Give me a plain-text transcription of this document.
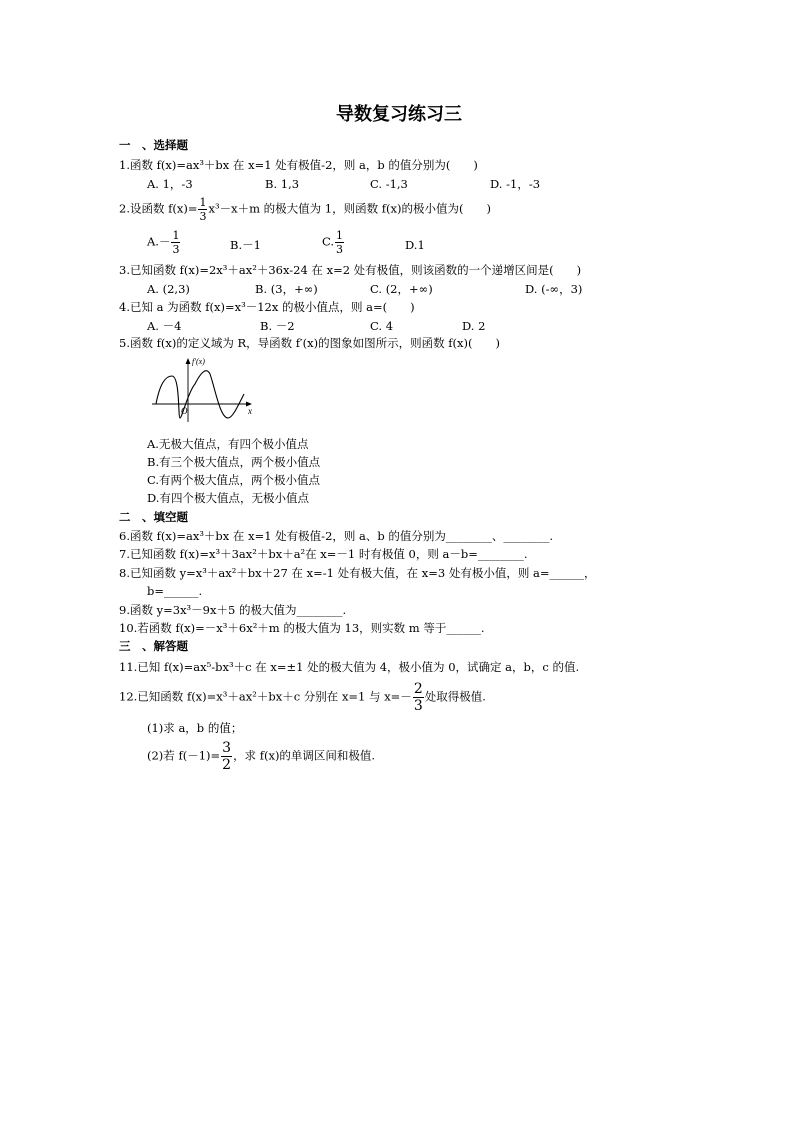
导数复习练习三
一　、选择题
1.函数 f(x)=ax³＋bx 在 x=1 处有极值-2，则 a，b 的值分别为(　　)
A. 1，-3	B. 1,3	C. -1,3	D. -1，-3
2.设函数 $f(x)= \frac{1}{3} x^3-x+m$ 的极大值为 1，则函数 f(x)的极小值为(　　)
$A.- \frac{1}{3}$	B.－1	C. $\frac{1}{3}$	D.1
3.已知函数 f(x)=2x³＋ax²＋36x-24 在 x=2 处有极值，则该函数的一个递增区间是(　　)
A. (2,3)	B. (3，+∞)	C. (2，+∞)	D. (-∞，3)
4.已知 a 为函数 f(x)=x³－12x 的极小值点，则 a=(　　)
A. －4	B. －2	C. 4	D. 2
5.函数 f(x)的定义域为 R，导函数 f′(x)的图象如图所示，则函数 f(x)(　　)
f′(x)
O	x
A.无极大值点，有四个极小值点
B.有三个极大值点，两个极小值点
C.有两个极大值点，两个极小值点
D.有四个极大值点，无极小值点
二　、填空题
6.函数 f(x)=ax³＋bx 在 x=1 处有极值-2，则 a、b 的值分别为________、________.
7.已知函数 f(x)=x³＋3ax²＋bx＋a²在 x=－1 时有极值 0，则 a－b=________.
8.已知函数 y=x³＋ax²＋bx＋27 在 x=-1 处有极大值，在 x=3 处有极小值，则 a=______，
b=______.
9.函数 y=3x³－9x＋5 的极大值为________.
10.若函数 f(x)=－x³＋6x²＋m 的极大值为 13，则实数 m 等于______.
三　、解答题
11.已知 f(x)=ax⁵-bx³＋c 在 x=±1 处的极大值为 4，极小值为 0，试确定 a，b，c 的值.
12.已知函数 f(x)=x³＋ax²＋bx＋c 分别在 x=1 与 $x=- \frac{2}{3}$ 处取得极值.
(1)求 a，b 的值；
(2)若 $f(-1)= \frac{3}{2}$ ，求 f(x)的单调区间和极值.
